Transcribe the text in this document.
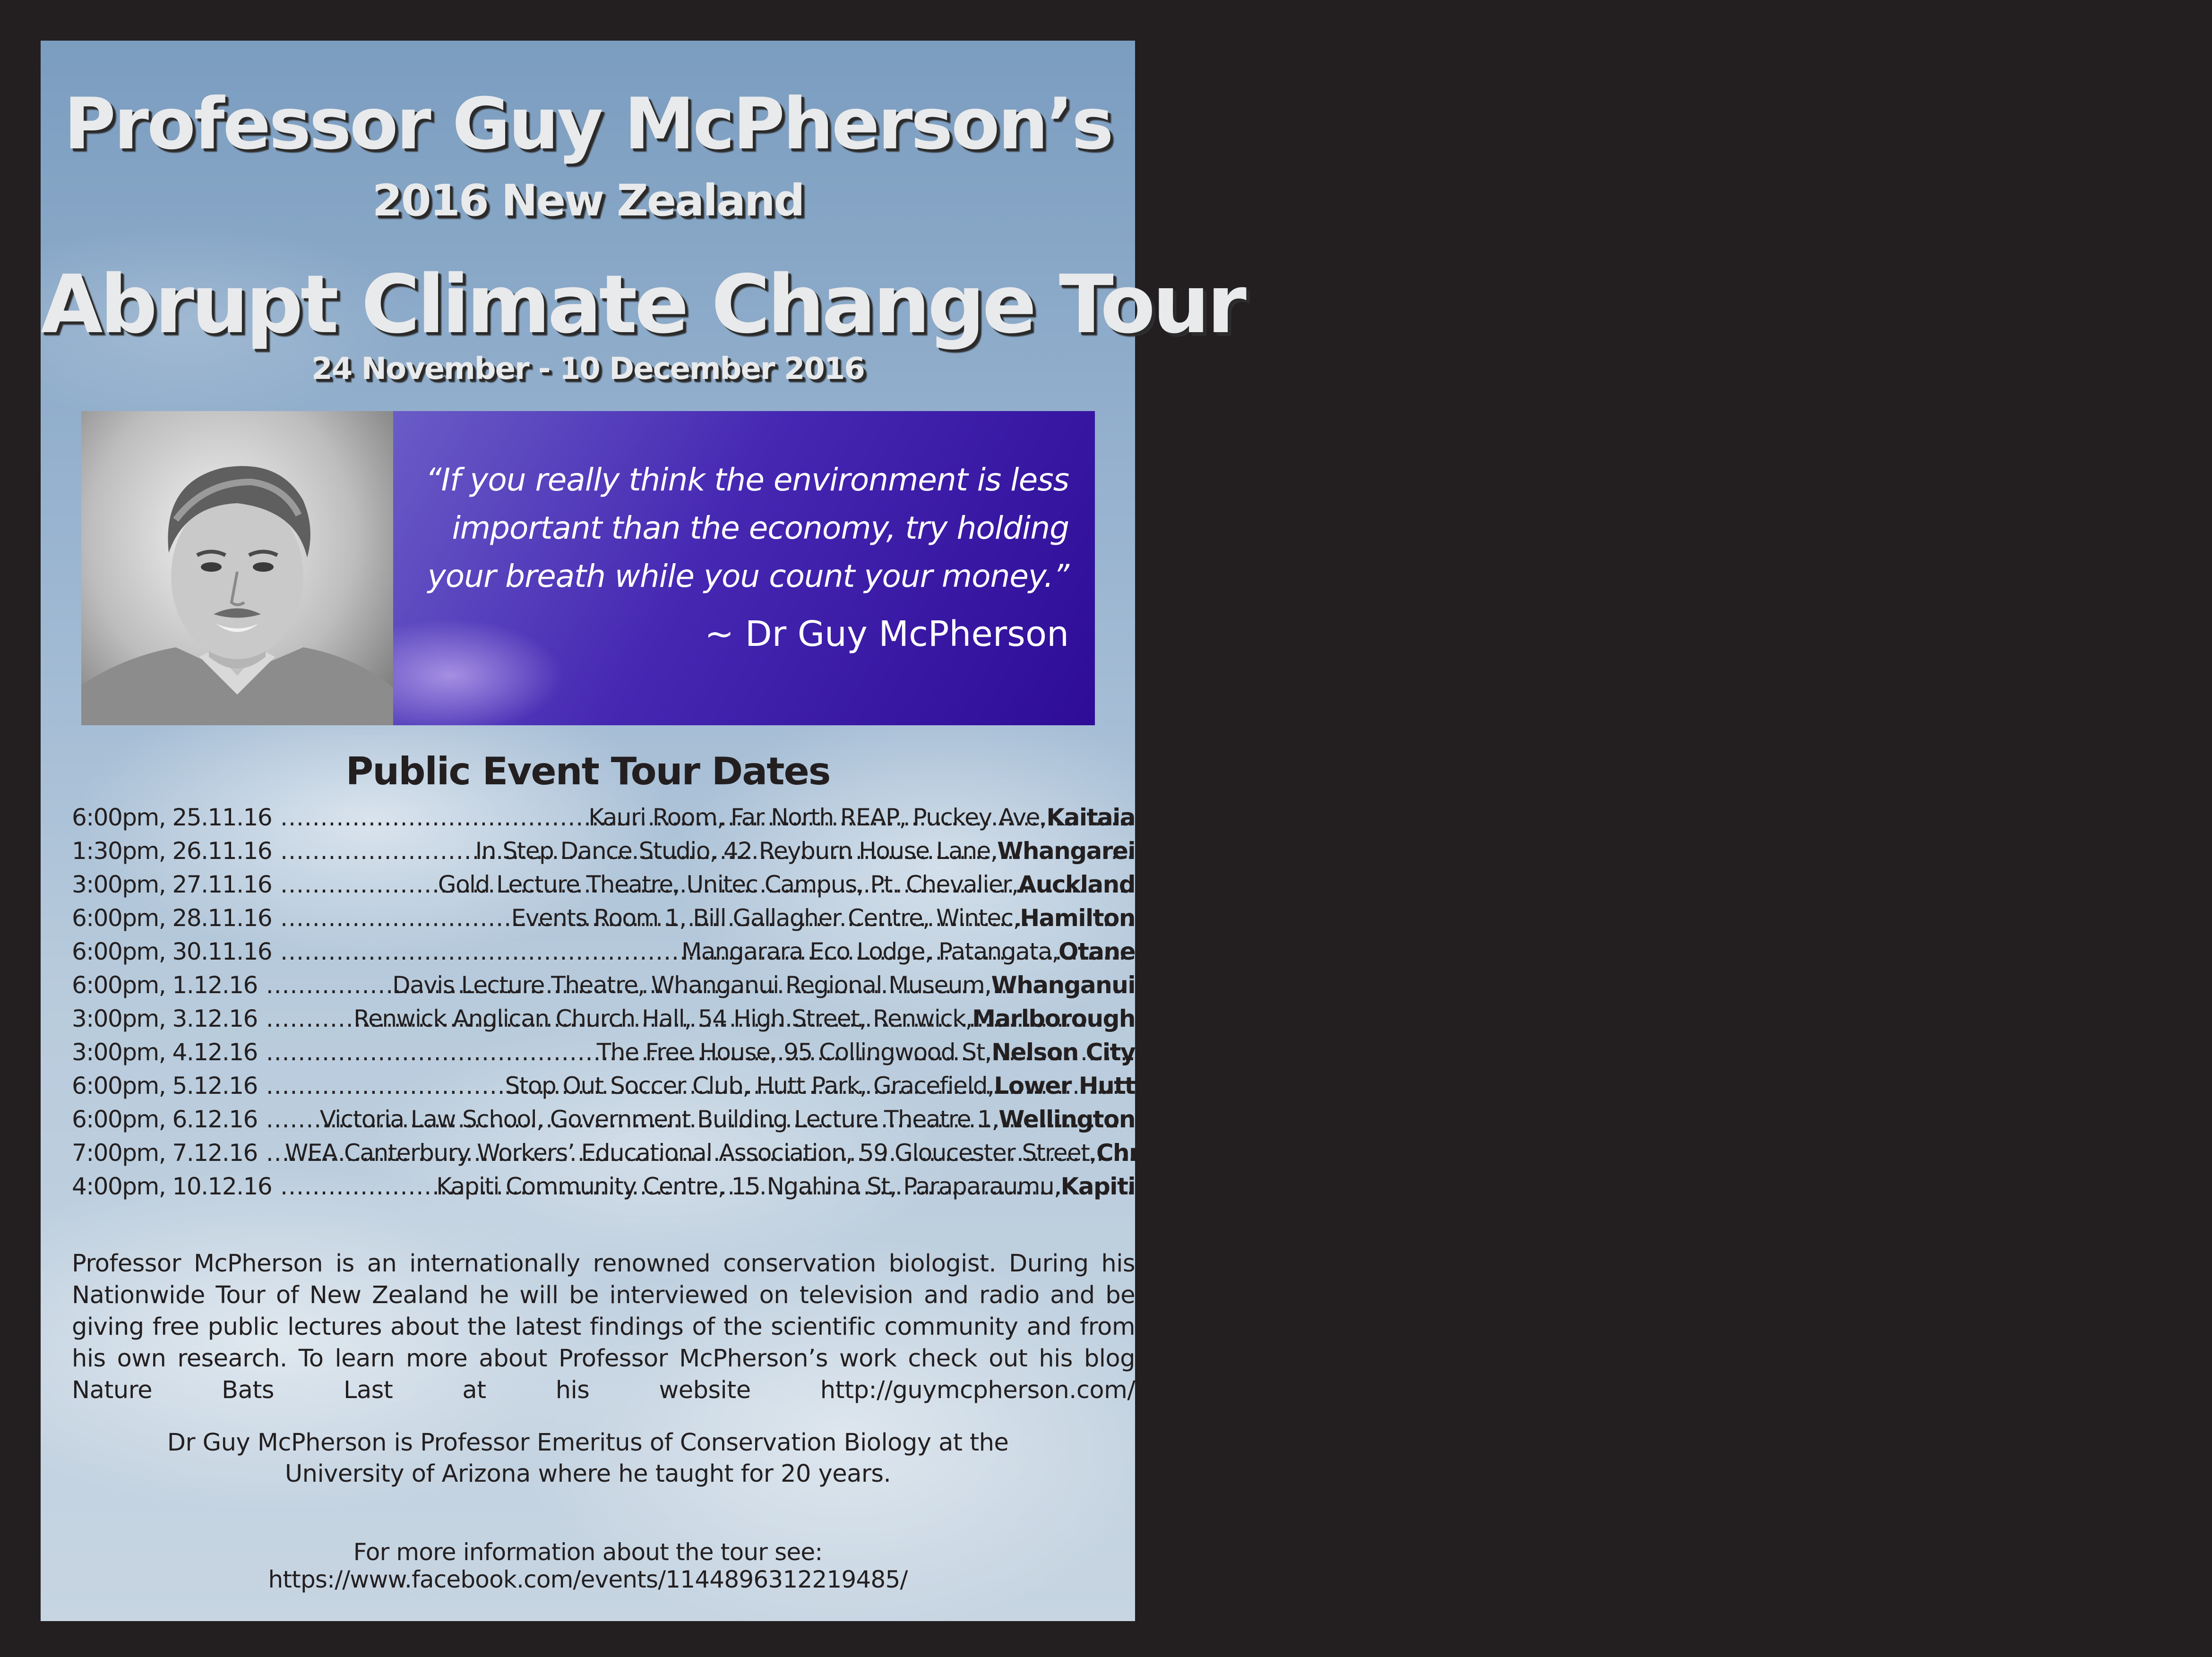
Professor Guy McPherson’s
2016 New Zealand
Abrupt Climate Change Tour
24 November - 10 December 2016
“If you really think the environment is less important than the economy, try holding your breath while you count your money.”
~ Dr Guy McPherson
Public Event Tour Dates
6:00pm, 25.11.16 .....	Kauri Room, Far North REAP, Puckey Ave, Kaitaia
1:30pm, 26.11.16 .....	In Step Dance Studio, 42 Reyburn House Lane, Whangarei
3:00pm, 27.11.16 .....	Gold Lecture Theatre, Unitec Campus, Pt. Chevalier, Auckland
6:00pm, 28.11.16 .....	Events Room 1, Bill Gallagher Centre, Wintec, Hamilton
6:00pm, 30.11.16 .....	Mangarara Eco Lodge, Patangata, Otane
6:00pm, 1.12.16 .....	Davis Lecture Theatre, Whanganui Regional Museum, Whanganui
3:00pm, 3.12.16 .....	Renwick Anglican Church Hall, 54 High Street, Renwick, Marlborough
3:00pm, 4.12.16 .....	The Free House, 95 Collingwood St, Nelson City
6:00pm, 5.12.16 .....	Stop Out Soccer Club, Hutt Park, Gracefield, Lower Hutt
6:00pm, 6.12.16 .....	Victoria Law School, Government Building Lecture Theatre 1, Wellington
7:00pm, 7.12.16 ..... WEA Canterbury Workers’ Educational Association, 59 Gloucester Street, Christchurch
4:00pm, 10.12.16 .....	Kapiti Community Centre, 15 Ngahina St, Paraparaumu, Kapiti
Professor McPherson is an internationally renowned conservation biologist. During his Nationwide Tour of New Zealand he will be interviewed on television and radio and be giving free public lectures about the latest findings of the scientific community and from his own research. To learn more about Professor McPherson’s work check out his blog Nature Bats Last at his website http://guymcpherson.com/
Dr Guy McPherson is Professor Emeritus of Conservation Biology at the
University of Arizona where he taught for 20 years.
For more information about the tour see: https://www.facebook.com/events/1144896312219485/
